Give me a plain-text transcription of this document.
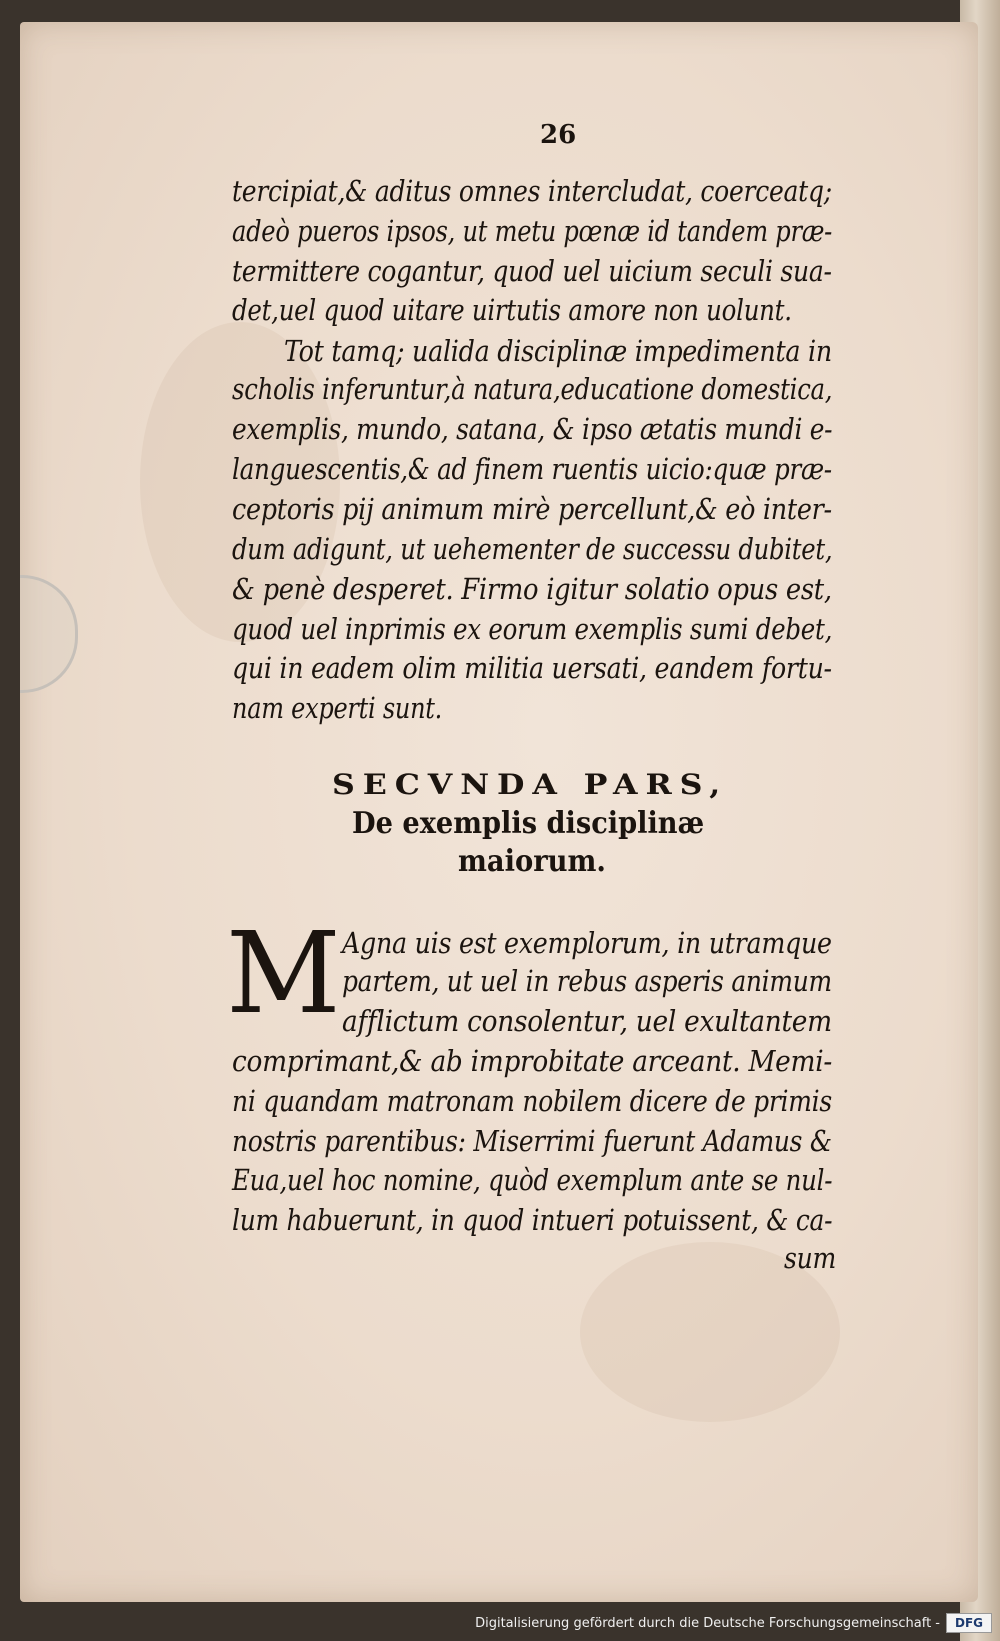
26
tercipiat,& aditus omnes intercludat, coerceatq;
adeò pueros ipsos, ut metu pœnæ id tandem præ-
termittere cogantur, quod uel uicium seculi sua-
det,uel quod uitare uirtutis amore non uolunt.
Tot tamq; ualida disciplinæ impedimenta in
scholis inferuntur,à natura,educatione domestica,
exemplis, mundo, satana, & ipso ætatis mundi e-
languescentis,& ad finem ruentis uicio:quæ præ-
ceptoris pij animum mirè percellunt,& eò inter-
dum adigunt, ut uehementer de successu dubitet,
& penè desperet. Firmo igitur solatio opus est,
quod uel inprimis ex eorum exemplis sumi debet,
qui in eadem olim militia uersati, eandem fortu-
nam experti sunt.
SECVNDA PARS,
De exemplis disciplinæ
maiorum.
M Agna uis est exemplorum, in utramque
partem, ut uel in rebus asperis animum
afflictum consolentur, uel exultantem
comprimant,& ab improbitate arceant. Memi-
ni quandam matronam nobilem dicere de primis
nostris parentibus: Miserrimi fuerunt Adamus &
Eua,uel hoc nomine, quòd exemplum ante se nul-
lum habuerunt, in quod intueri potuissent, & ca-
sum
Digitalisierung gefördert durch die Deutsche Forschungsgemeinschaft -	DFG
